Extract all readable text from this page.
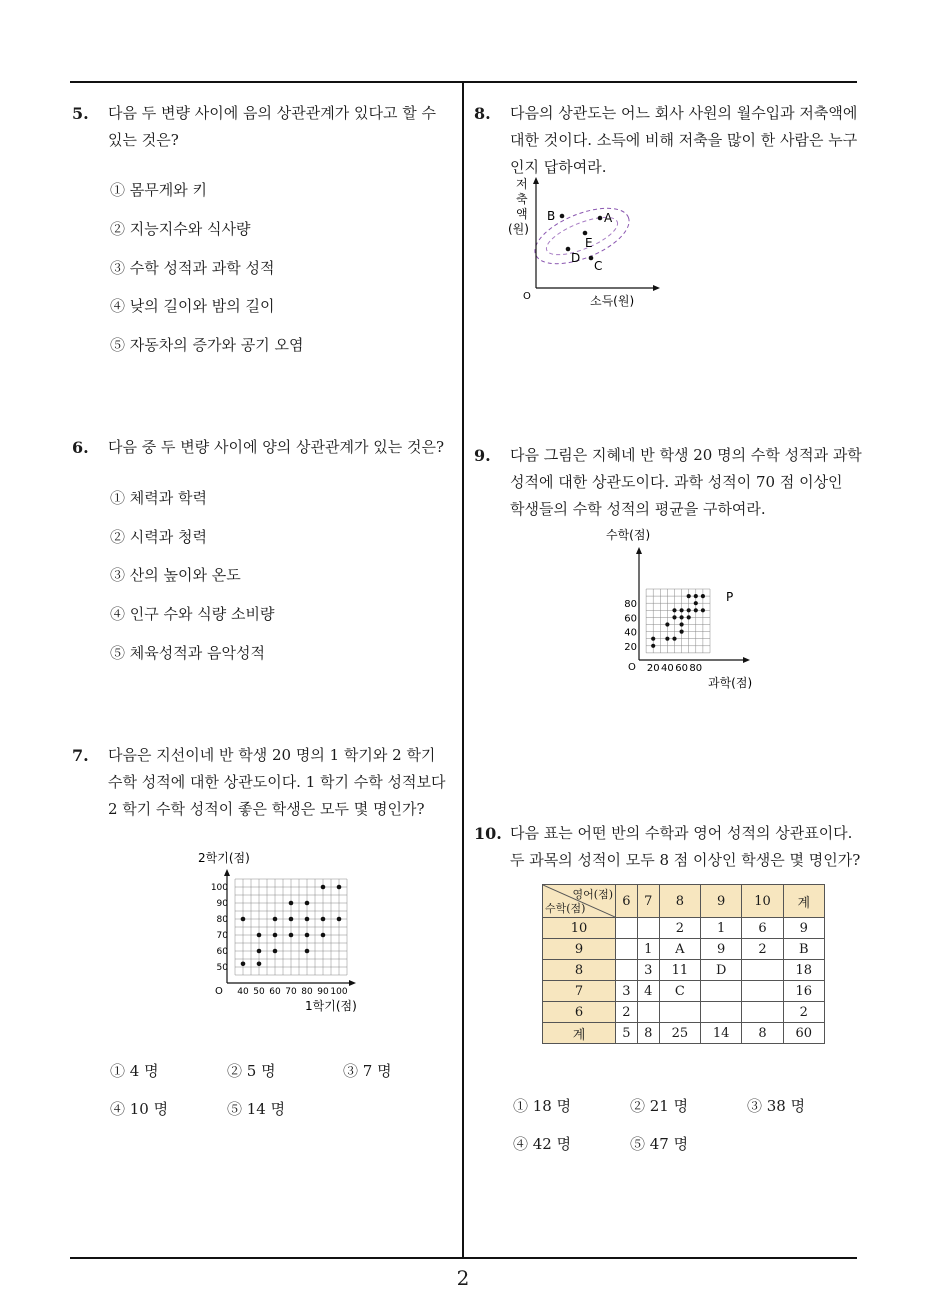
5. 다음 두 변량 사이에 음의 상관관계가 있다고 할 수
있는 것은?
① 몸무게와 키
② 지능지수와 식사량
③ 수학 성적과 과학 성적
④ 낮의 길이와 밤의 길이
⑤ 자동차의 증가와 공기 오염
6. 다음 중 두 변량 사이에 양의 상관관계가 있는 것은?
① 체력과 학력
② 시력과 청력
③ 산의 높이와 온도
④ 인구 수와 식량 소비량
⑤ 체육성적과 음악성적
7. 다음은 지선이네 반 학생 20 명의 1 학기와 2 학기
수학 성적에 대한 상관도이다. 1 학기 수학 성적보다
2 학기 수학 성적이 좋은 학생은 모두 몇 명인가?
2학기(점)
1학기(점)
O 40 50 60 70 80 90 100
50
60
70
80
90
100
① 4 명	② 5 명	③ 7 명
④ 10 명	⑤ 14 명
8. 다음의 상관도는 어느 회사 사원의 월수입과 저축액에
대한 것이다. 소득에 비해 저축을 많이 한 사람은 누구
인지 답하여라.
저
축
액
(원)
O	소득(원)
B	A
E
D
C
9. 다음 그림은 지혜네 반 학생 20 명의 수학 성적과 과학
성적에 대한 상관도이다. 과학 성적이 70 점 이상인
학생들의 수학 성적의 평균을 구하여라.
수학(점)
과학(점)
O 20 40 60 80
20
40
60
80
P
10. 다음 표는 어떤 반의 수학과 영어 성적의 상관표이다.
두 과목의 성적이 모두 8 점 이상인 학생은 몇 명인가?
영어(점)
수학(점)	6	7	8	9	10	계
10			2	1	6	9
9		1	A	9	2	B
8		3	11	D		18
7	3	4	C			16
6	2					2
계	5	8	25	14	8	60
① 18 명	② 21 명	③ 38 명
④ 42 명	⑤ 47 명
2
